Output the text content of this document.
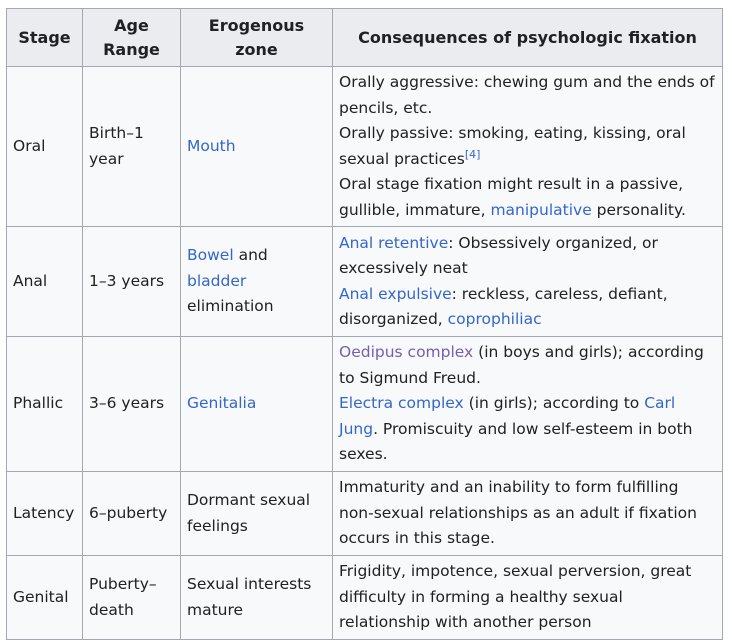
Stage	Age Range	Erogenous zone	Consequences of psychologic fixation
Oral	Birth–1 year	Mouth	Orally aggressive: chewing gum and the ends of pencils, etc.

Orally passive: smoking, eating, kissing, oral sexual practices[4]

Oral stage fixation might result in a passive, gullible, immature, manipulative personality.

Anal	1–3 years	Bowel and bladder elimination	Anal retentive: Obsessively organized, or excessively neat

Anal expulsive: reckless, careless, defiant, disorganized, coprophiliac

Phallic	3–6 years	Genitalia	Oedipus complex (in boys and girls); according to Sigmund Freud.

Electra complex (in girls); according to Carl Jung. Promiscuity and low self-esteem in both sexes.

Latency	6–puberty	Dormant sexual feelings	Immaturity and an inability to form fulfilling non-sexual relationships as an adult if fixation occurs in this stage.

Genital	Puberty–death	Sexual interests mature	Frigidity, impotence, sexual perversion, great difficulty in forming a healthy sexual relationship with another person
